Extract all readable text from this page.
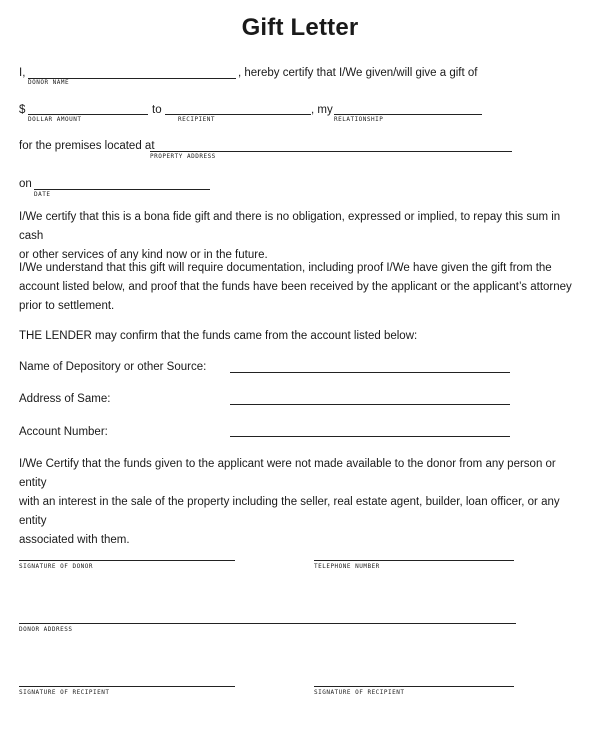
Gift Letter
I,
DONOR NAME
, hereby certify that I/We given/will give a gift of
$
DOLLAR AMOUNT
to
RECIPIENT
, my
RELATIONSHIP
for the premises located at
PROPERTY ADDRESS
on
DATE
I/We certify that this is a bona fide gift and there is no obligation, expressed or implied, to repay this sum in cash
or other services of any kind now or in the future.
I/We understand that this gift will require documentation, including proof I/We have given the gift from the
account listed below, and proof that the funds have been received by the applicant or the applicant’s attorney
prior to settlement.
THE LENDER may confirm that the funds came from the account listed below:
Name of Depository or other Source:
Address of Same:
Account Number:
I/We Certify that the funds given to the applicant were not made available to the donor from any person or entity
with an interest in the sale of the property including the seller, real estate agent, builder, loan officer, or any entity
associated with them.
SIGNATURE OF DONOR	TELEPHONE NUMBER
DONOR ADDRESS
SIGNATURE OF RECIPIENT	SIGNATURE OF RECIPIENT
